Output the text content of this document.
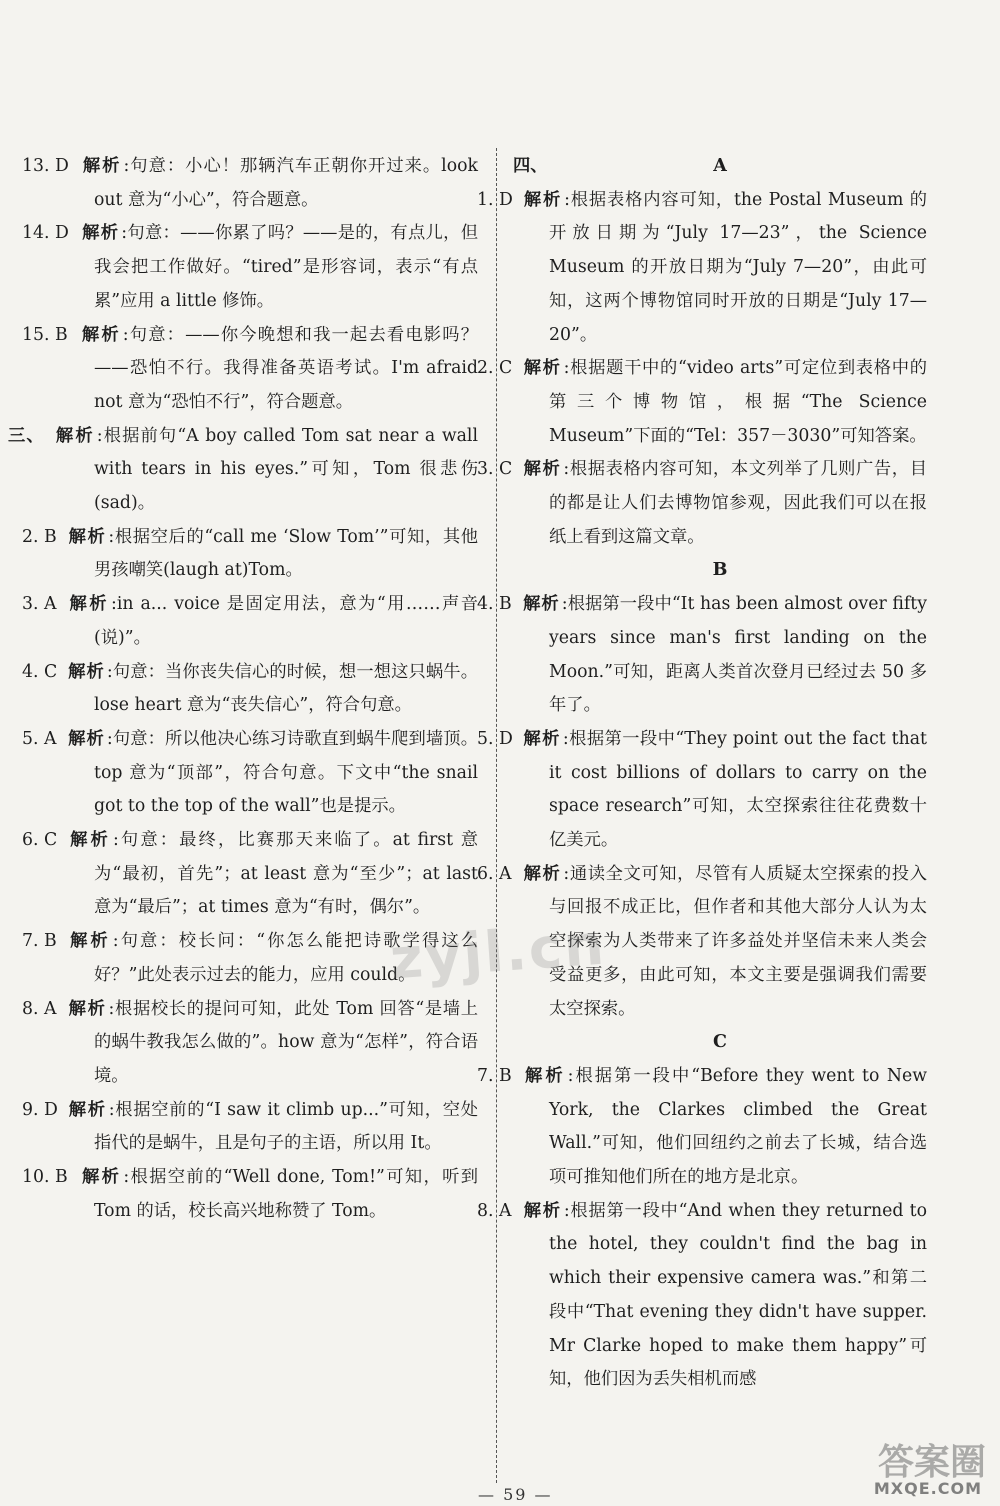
13. D 解析 :句意：小心！那辆汽车正朝你开过来。look out 意为“小心”，符合题意。

14. D 解析 :句意：——你累了吗？——是的，有点儿，但我会把工作做好。“tired”是形容词，表示“有点累”应用 a little 修饰。

15. B 解析 :句意：——你今晚想和我一起去看电影吗？——恐怕不行。我得准备英语考试。I'm afraid not 意为“恐怕不行”，符合题意。

三、 解析 :根据前句“A boy called Tom sat near a wall with tears in his eyes.”可知，Tom 很悲伤(sad)。

2. B 解析 :根据空后的“call me ‘Slow Tom’”可知，其他男孩嘲笑(laugh at)Tom。

3. A 解析 :in a... voice 是固定用法，意为“用……声音(说)”。

4. C 解析 :句意：当你丧失信心的时候，想一想这只蜗牛。lose heart 意为“丧失信心”，符合句意。

5. A 解析 :句意：所以他决心练习诗歌直到蜗牛爬到墙顶。top 意为“顶部”，符合句意。下文中“the snail got to the top of the wall”也是提示。

6. C 解析 :句意：最终，比赛那天来临了。at first 意为“最初，首先”；at least 意为“至少”；at last 意为“最后”；at times 意为“有时，偶尔”。

7. B 解析 :句意：校长问：“你怎么能把诗歌学得这么好？”此处表示过去的能力，应用 could。

8. A 解析 :根据校长的提问可知，此处 Tom 回答“是墙上的蜗牛教我怎么做的”。how 意为“怎样”，符合语境。

9. D 解析 :根据空前的“I saw it climb up...”可知，空处指代的是蜗牛，且是句子的主语，所以用 It。

10. B 解析 :根据空前的“Well done, Tom!”可知，听到 Tom 的话，校长高兴地称赞了 Tom。

四、	A

1. D 解析 :根据表格内容可知，the Postal Museum 的开放日期为“July 17—23”，the Science Museum 的开放日期为“July 7—20”，由此可知，这两个博物馆同时开放的日期是“July 17—20”。

2. C 解析 :根据题干中的“video arts”可定位到表格中的第三个博物馆，根据“The Science Museum”下面的“Tel：357－3030”可知答案。

3. C 解析 :根据表格内容可知，本文列举了几则广告，目的都是让人们去博物馆参观，因此我们可以在报纸上看到这篇文章。

B

4. B 解析 :根据第一段中“It has been almost over fifty years since man's first landing on the Moon.”可知，距离人类首次登月已经过去 50 多年了。

5. D 解析 :根据第一段中“They point out the fact that it cost billions of dollars to carry on the space research”可知，太空探索往往花费数十亿美元。

6. A 解析 :通读全文可知，尽管有人质疑太空探索的投入与回报不成正比，但作者和其他大部分人认为太空探索为人类带来了许多益处并坚信未来人类会受益更多，由此可知，本文主要是强调我们需要太空探索。

C

7. B 解析 :根据第一段中“Before they went to New York, the Clarkes climbed the Great Wall.”可知，他们回纽约之前去了长城，结合选项可推知他们所在的地方是北京。

8. A 解析 :根据第一段中“And when they returned to the hotel, they couldn't find the bag in which their expensive camera was.”和第二段中“That evening they didn't have supper. Mr Clarke hoped to make them happy”可知，他们因为丢失相机而感

zyjl.cn
— 59 —
答案圈
MXQE.COM
